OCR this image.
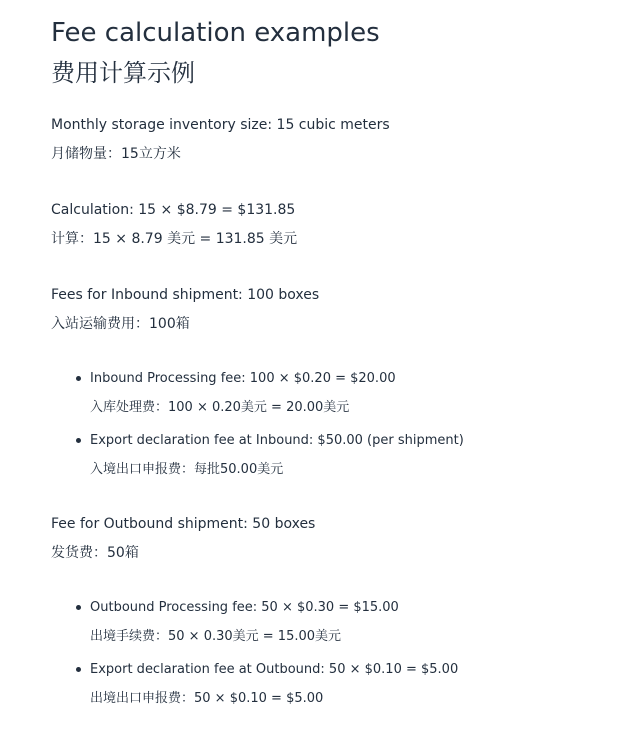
Fee calculation examples
费用计算示例
Monthly storage inventory size: 15 cubic meters
月储物量：15立方米
Calculation: 15 × $8.79 = $131.85
计算：15 × 8.79 美元 = 131.85 美元
Fees for Inbound shipment: 100 boxes
入站运输费用：100箱
Inbound Processing fee: 100 × $0.20 = $20.00
入库处理费：100 × 0.20美元 = 20.00美元
Export declaration fee at Inbound: $50.00 (per shipment)
入境出口申报费：每批50.00美元
Fee for Outbound shipment: 50 boxes
发货费：50箱
Outbound Processing fee: 50 × $0.30 = $15.00
出境手续费：50 × 0.30美元 = 15.00美元
Export declaration fee at Outbound: 50 × $0.10 = $5.00
出境出口申报费：50 × $0.10 = $5.00
